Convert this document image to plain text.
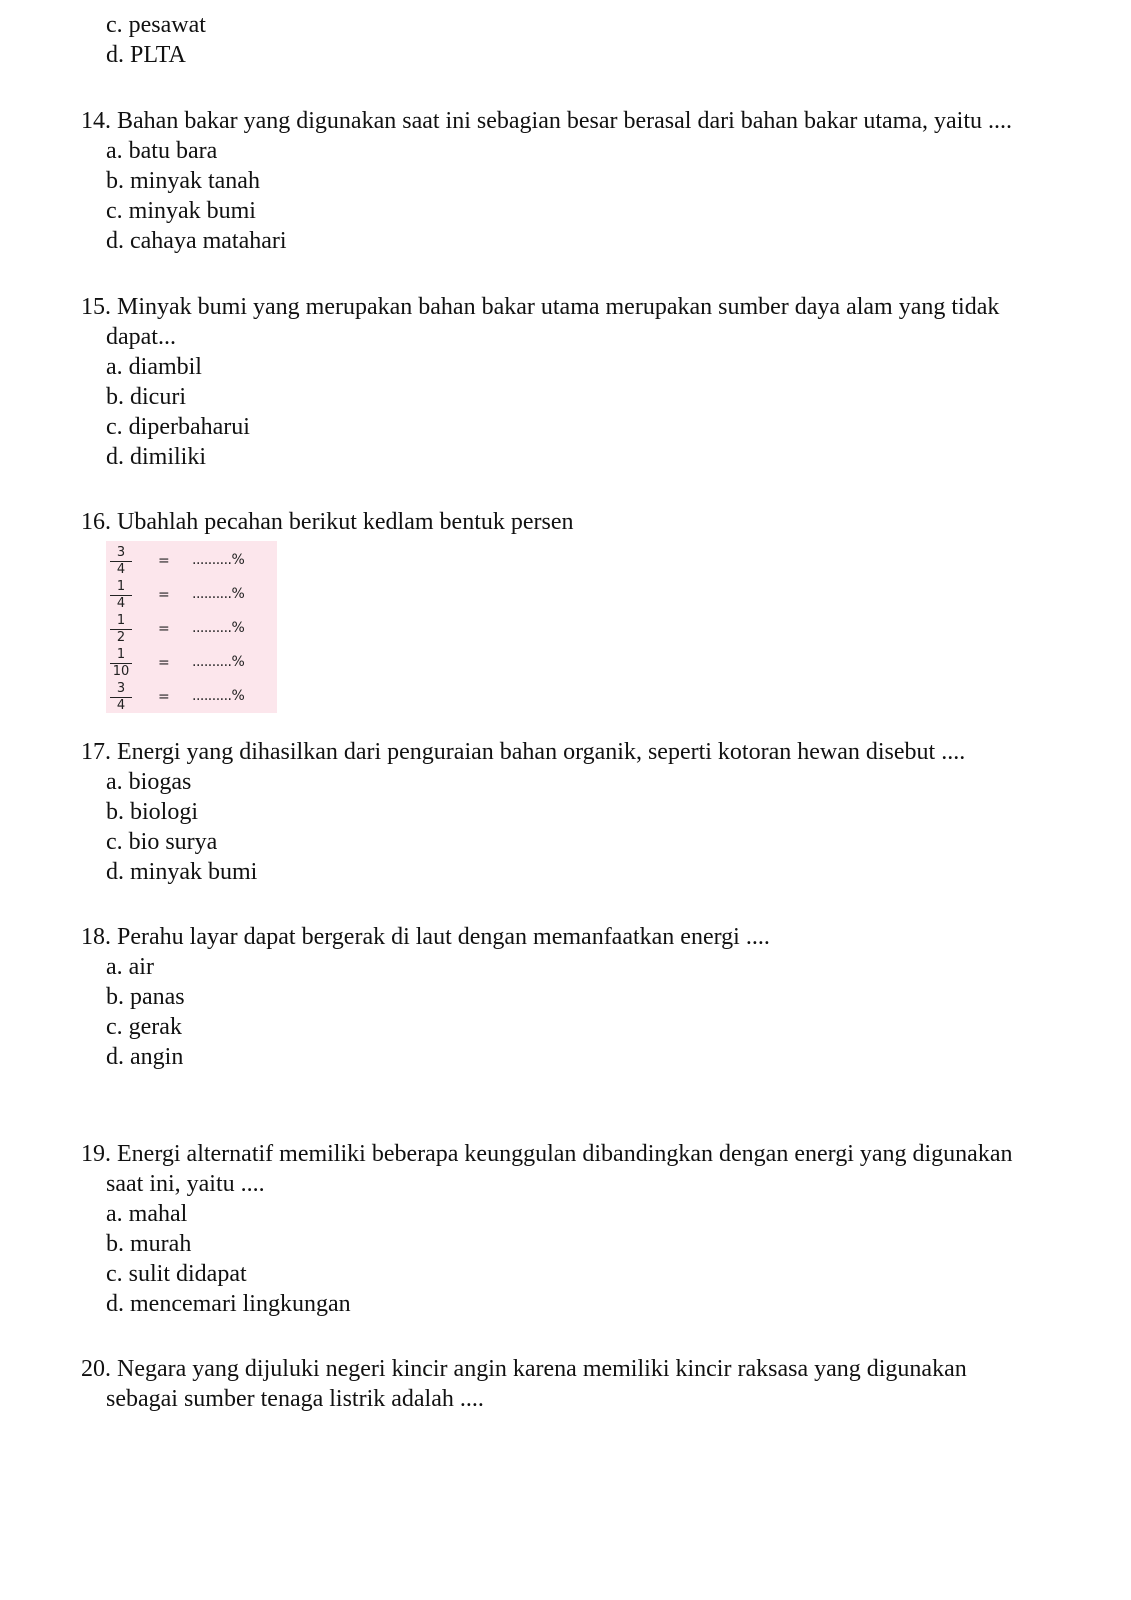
c. pesawat
d. PLTA
14. Bahan bakar yang digunakan saat ini sebagian besar berasal dari bahan bakar utama, yaitu ....
a. batu bara
b. minyak tanah
c. minyak bumi
d. cahaya matahari
15. Minyak bumi yang merupakan bahan bakar utama merupakan sumber daya alam yang tidak
dapat...
a. diambil
b. dicuri
c. diperbaharui
d. dimiliki
16. Ubahlah pecahan berikut kedlam bentuk persen
$\frac{3}{4}$ = ..........%
$\frac{1}{4}$ = ..........%
$\frac{1}{2}$ = ..........%
$\frac{1}{10}$ = ..........%
$\frac{3}{4}$ = ..........%
17. Energi yang dihasilkan dari penguraian bahan organik, seperti kotoran hewan disebut ....
a. biogas
b. biologi
c. bio surya
d. minyak bumi
18. Perahu layar dapat bergerak di laut dengan memanfaatkan energi ....
a. air
b. panas
c. gerak
d. angin
19. Energi alternatif memiliki beberapa keunggulan dibandingkan dengan energi yang digunakan
saat ini, yaitu ....
a. mahal
b. murah
c. sulit didapat
d. mencemari lingkungan
20. Negara yang dijuluki negeri kincir angin karena memiliki kincir raksasa yang digunakan
sebagai sumber tenaga listrik adalah ....
